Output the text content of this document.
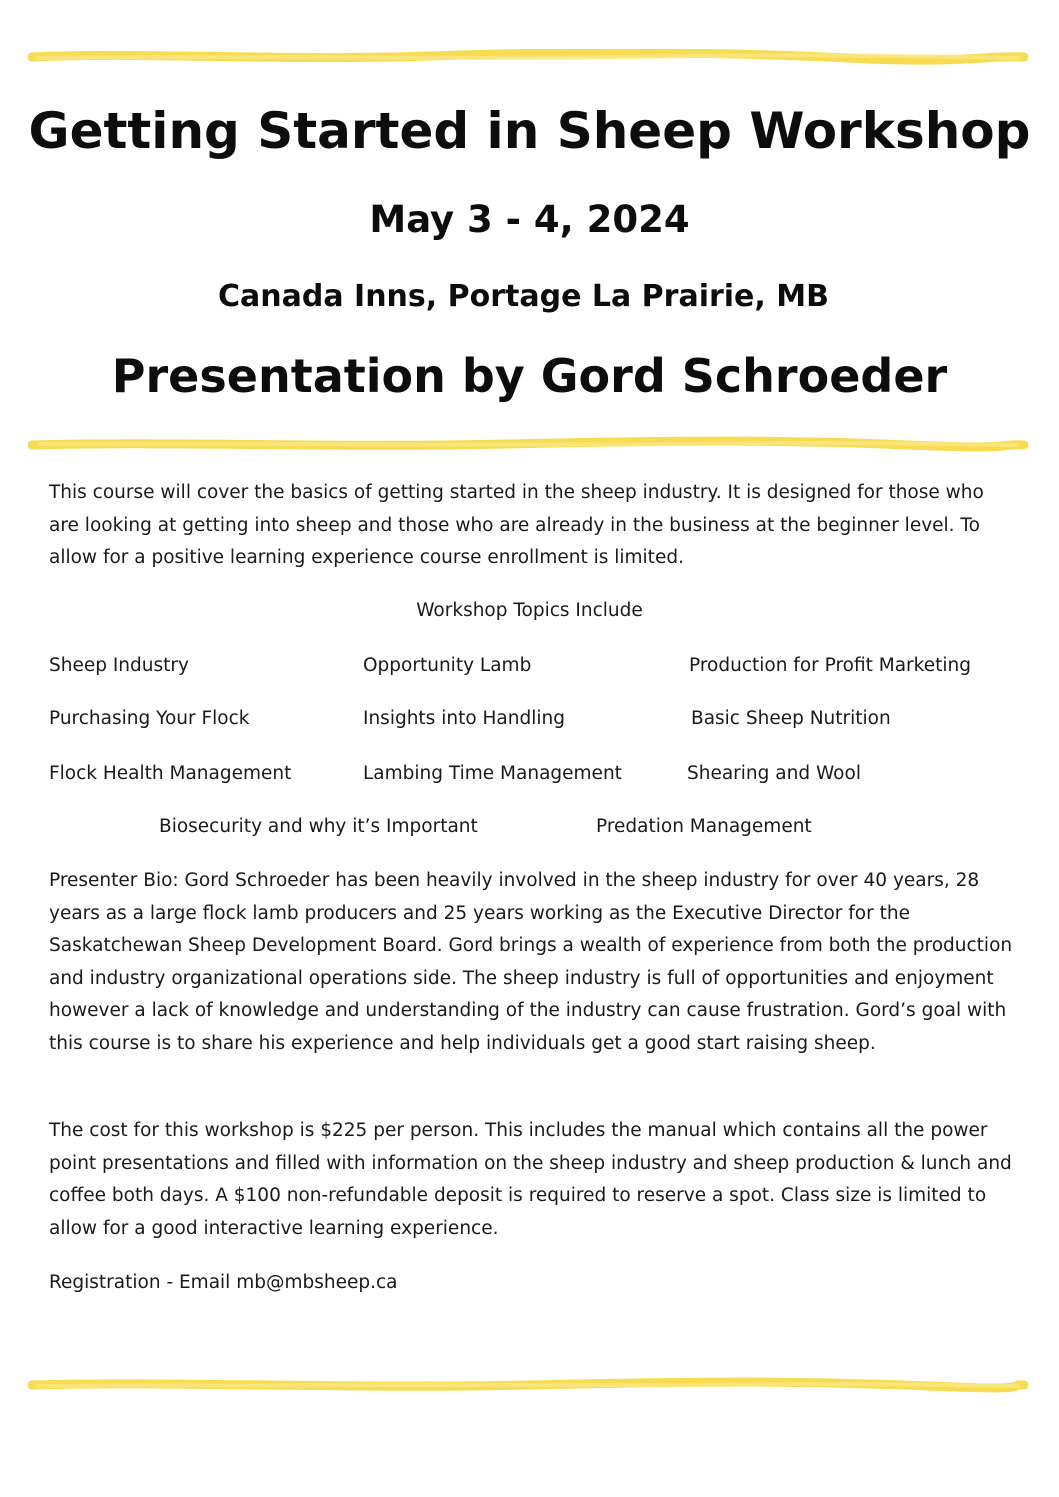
Getting Started in Sheep Workshop
May 3 - 4, 2024
Canada Inns, Portage La Prairie, MB
Presentation by Gord Schroeder
This course will cover the basics of getting started in the sheep industry. It is designed for those who are looking at getting into sheep and those who are already in the business at the beginner level. To allow for a positive learning experience course enrollment is limited.
Workshop Topics Include
Sheep Industry	Opportunity Lamb	Production for Profit Marketing
Purchasing Your Flock	Insights into Handling	Basic Sheep Nutrition
Flock Health Management	Lambing Time Management	Shearing and Wool
Biosecurity and why it’s Important	Predation Management
Presenter Bio: Gord Schroeder has been heavily involved in the sheep industry for over 40 years, 28 years as a large flock lamb producers and 25 years working as the Executive Director for the Saskatchewan Sheep Development Board. Gord brings a wealth of experience from both the production and industry organizational operations side. The sheep industry is full of opportunities and enjoyment however a lack of knowledge and understanding of the industry can cause frustration. Gord’s goal with this course is to share his experience and help individuals get a good start raising sheep.
The cost for this workshop is $225 per person. This includes the manual which contains all the power point presentations and filled with information on the sheep industry and sheep production & lunch and coffee both days. A $100 non-refundable deposit is required to reserve a spot. Class size is limited to allow for a good interactive learning experience.
Registration - Email mb@mbsheep.ca
